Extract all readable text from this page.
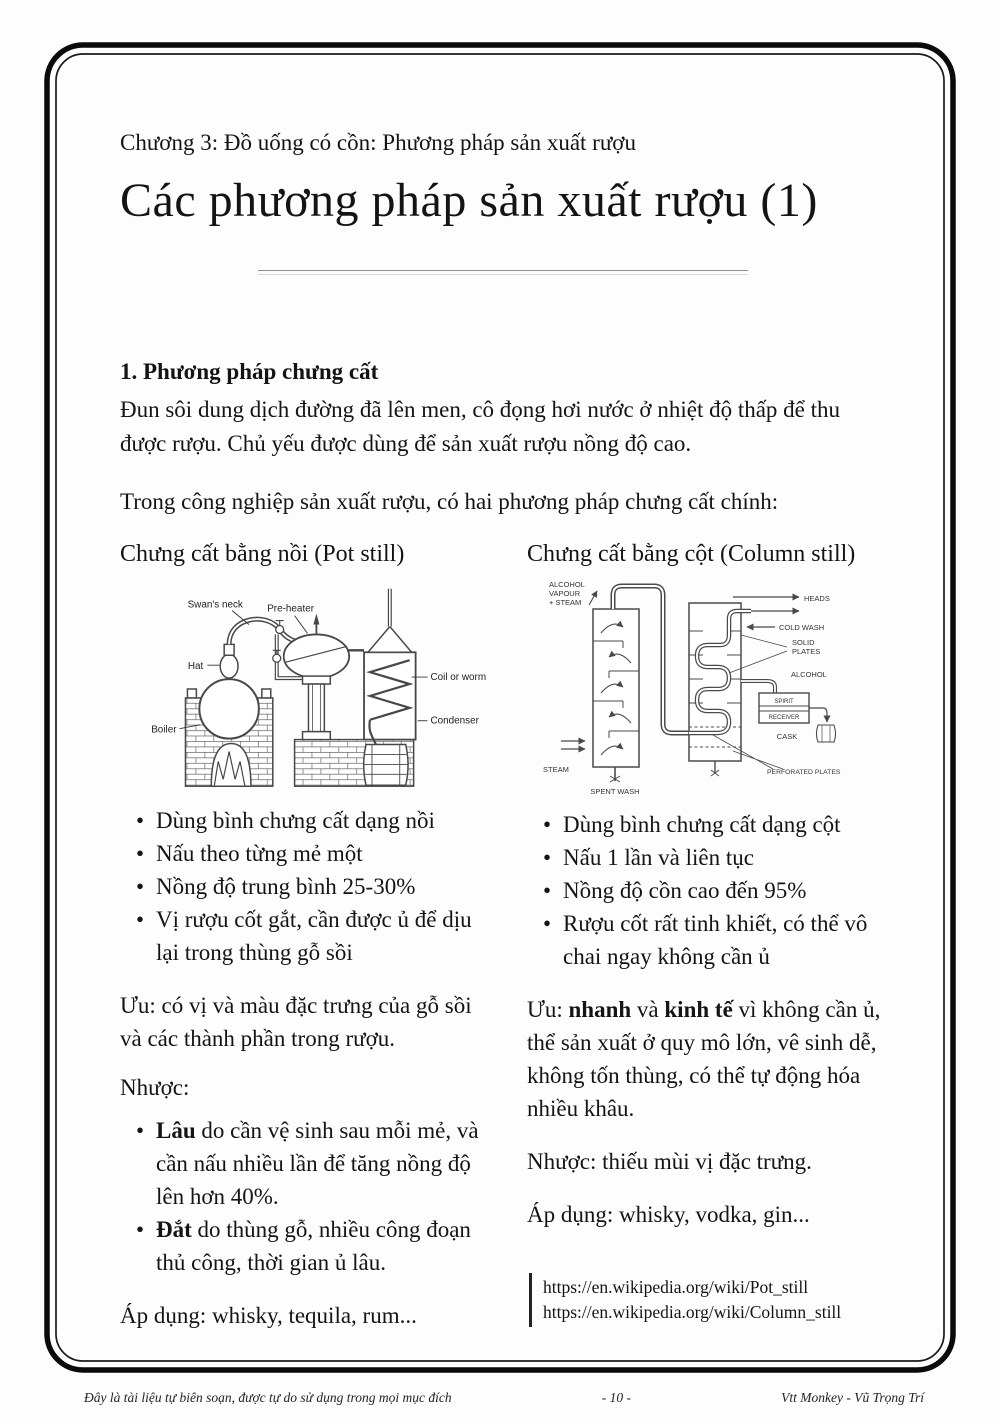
Chương 3: Đồ uống có cồn: Phương pháp sản xuất rượu

Các phương pháp sản xuất rượu (1)
1. Phương pháp chưng cất

Đun sôi dung dịch đường đã lên men, cô đọng hơi nước ở nhiệt độ thấp để thu được rượu. Chủ yếu được dùng để sản xuất rượu nồng độ cao.

Trong công nghiệp sản xuất rượu, có hai phương pháp chưng cất chính:

Chưng cất bằng nồi (Pot still)
Swan's neck Pre-heater
Hat
Boiler
Coil or worm
Condenser
• Dùng bình chưng cất dạng nồi
• Nấu theo từng mẻ một
• Nồng độ trung bình 25-30%
• Vị rượu cốt gắt, cần được ủ để dịu lại trong thùng gỗ sồi

Ưu: có vị và màu đặc trưng của gỗ sồi và các thành phần trong rượu.

Nhược:

• Lâu do cần vệ sinh sau mỗi mẻ, và cần nấu nhiều lần để tăng nồng độ lên hơn 40%.
• Đắt do thùng gỗ, nhiều công đoạn thủ công, thời gian ủ lâu.

Áp dụng: whisky, tequila, rum...

Chưng cất bằng cột (Column still)
ALCOHOL
VAPOUR
+ STEAM	HEADS
COLD WASH
SOLID
PLATES
ALCOHOL
SPIRIT
RECEIVER
CASK
PERFORATED PLATES
STEAM
SPENT WASH
• Dùng bình chưng cất dạng cột
• Nấu 1 lần và liên tục
• Nồng độ cồn cao đến 95%
• Rượu cốt rất tinh khiết, có thể vô chai ngay không cần ủ

Ưu: nhanh và kinh tế vì không cần ủ, thể sản xuất ở quy mô lớn, vê sinh dễ, không tốn thùng, có thể tự động hóa nhiều khâu.

Nhược: thiếu mùi vị đặc trưng.

Áp dụng: whisky, vodka, gin...

https://en.wikipedia.org/wiki/Pot_still
https://en.wikipedia.org/wiki/Column_still
Đây là tài liệu tự biên soạn, được tự do sử dụng trong mọi mục đích	- 10 -	Vtt Monkey - Vũ Trọng Trí
